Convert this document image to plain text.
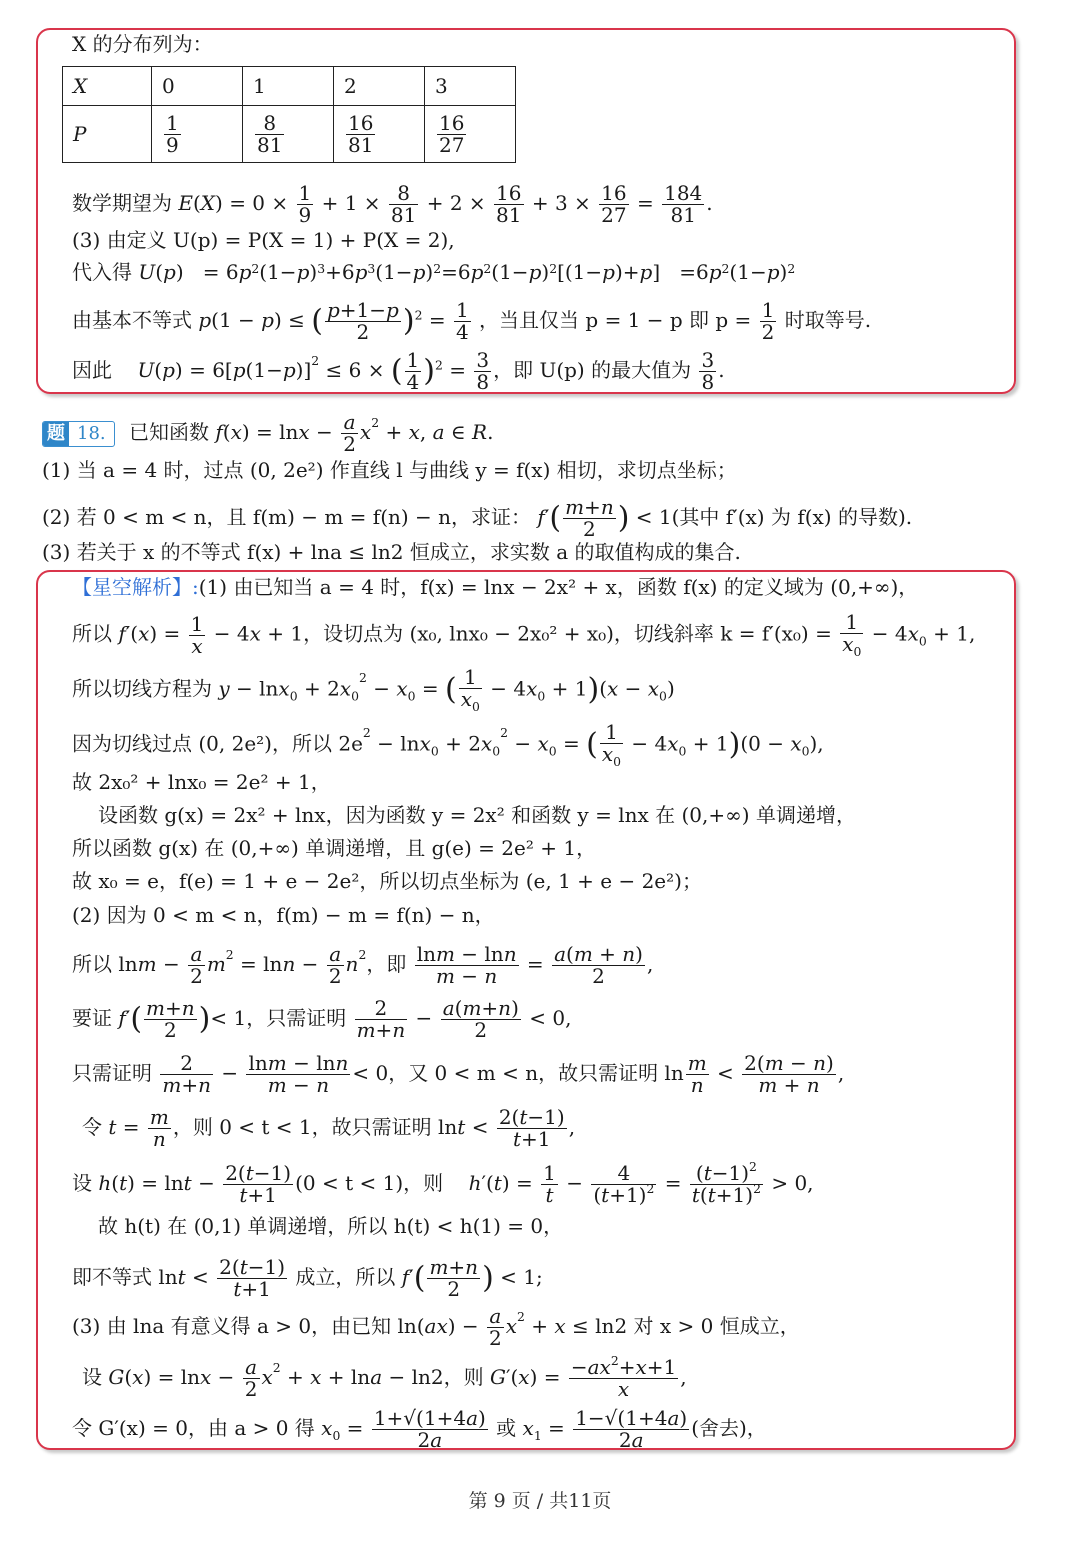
X 的分布列为：
X	0	1	2	3
P	$\frac{1}{9}$	$\frac{8}{81}$	$\frac{16}{81}$	$\frac{16}{27}$
数学期望为 $E(X) = 0 \times \frac{1}{9} + 1 \times \frac{8}{81} + 2 \times \frac{16}{81} + 3 \times \frac{16}{27} = \frac{184}{81}$ .
(3) 由定义 U(p) = P(X = 1) + P(X = 2),
代入得 $U(p) = 6p^2(1-p)^3+6p^3(1-p)^2=6p^2(1-p)^2[(1-p)+p] =6p^2(1-p)^2$
由基本不等式 p(1 − p) ≤ ( $\frac{p+1-p}{2} )^2 = \frac{1}{4}$ ，当且仅当 p = 1 − p 即 $p = \frac{1}{2}$ 时取等号.
因此 $U(p) = 6[p(1-p)]^2 \le 6$ × ( $\frac{1}{4} )^2 = \frac{3}{8}$ ，即 U(p) 的最大值为 $\frac{3}{8}$ .
题 18. 已知函数 $f(x) = \ln x - \frac{a}{2} x^2 + x$, a ∈ R.
(1) 当 a = 4 时，过点 (0, 2e²) 作直线 l 与曲线 y = f(x) 相切，求切点坐标；
(2) 若 0 < m < n，且 f(m) − m = f(n) − n，求证： $f'( \frac{m+n}{2}$ ) < 1(其中 f′(x) 为 f(x) 的导数).
(3) 若关于 x 的不等式 f(x) + lna ≤ ln2 恒成立，求实数 a 的取值构成的集合.
【星空解析】:(1) 由已知当 a = 4 时，f(x) = lnx − 2x² + x，函数 f(x) 的定义域为 (0,+∞)，
所以 $f'(x) = \frac{1}{x} - 4x + 1$，设切点为 (x₀, lnx₀ − 2x₀² + x₀)，切线斜率 $k = f'(x_0) = \frac{1}{x_0} - 4x_0 + 1$,
所以切线方程为 $y - \ln x_0 + 2x_0^2 - x_0$ = ( $\frac{1}{x_0} - 4x_0 + 1)(x - x_0)$
因为切线过点 (0, 2e²)，所以 $2e^2 - \ln x_0 + 2x_0^2 - x_0$ = ( $\frac{1}{x_0} - 4x_0 + 1)(0 - x_0)$,
故 2x₀² + lnx₀ = 2e² + 1，
设函数 g(x) = 2x² + lnx，因为函数 y = 2x² 和函数 y = lnx 在 (0,+∞) 单调递增，
所以函数 g(x) 在 (0,+∞) 单调递增，且 g(e) = 2e² + 1，
故 x₀ = e，f(e) = 1 + e − 2e²，所以切点坐标为 (e, 1 + e − 2e²)；
(2) 因为 0 < m < n，f(m) − m = f(n) − n，
所以 $\ln m - \frac{a}{2} m^2 = \ln n - \frac{a}{2} n^2$，即 $\frac{\ln m - \ln n}{m - n} = \frac{a(m + n)}{2}$ ,
要证 $f'( \frac{m+n}{2}$ )< 1，只需证明 $\frac{2}{m+n} - \frac{a(m+n)}{2} < 0$,
只需证明 $\frac{2}{m+n} - \frac{\ln m - \ln n}{m - n} < 0$，又 0 < m < n，故只需证明 $\ln \frac{m}{n} < \frac{2(m - n)}{m + n}$ ,
令 $t = \frac{m}{n}$ ，则 0 < t < 1，故只需证明 $\ln t < \frac{2(t-1)}{t+1}$ ,
设 $h(t) = \ln t - \frac{2(t-1)}{t+1} (0 < t < 1)$，则 $h'(t) = \frac{1}{t} - \frac{4}{(t+1)^2} = \frac{(t-1)^2}{t(t+1)^2} > 0$,
故 h(t) 在 (0,1) 单调递增，所以 h(t) < h(1) = 0，
即不等式 $\ln t < \frac{2(t-1)}{t+1}$ 成立，所以 $f'( \frac{m+n}{2}$ ) < 1;
(3) 由 lna 有意义得 a > 0，由已知 $\ln(ax) - \frac{a}{2} x^2 + x \le \ln 2$ 对 x > 0 恒成立，
设 $G(x) = \ln x - \frac{a}{2} x^2 + x + \ln a - \ln 2$，则 $G'(x) = \frac{-ax^2+x+1}{x}$ ,
令 G′(x) = 0，由 a > 0 得 $x_0 = \frac{1+√(1+4a)}{2a}$ 或 $x_1 = \frac{1-√(1+4a)}{2a}$ (舍去)，
第 9 页 / 共11页
